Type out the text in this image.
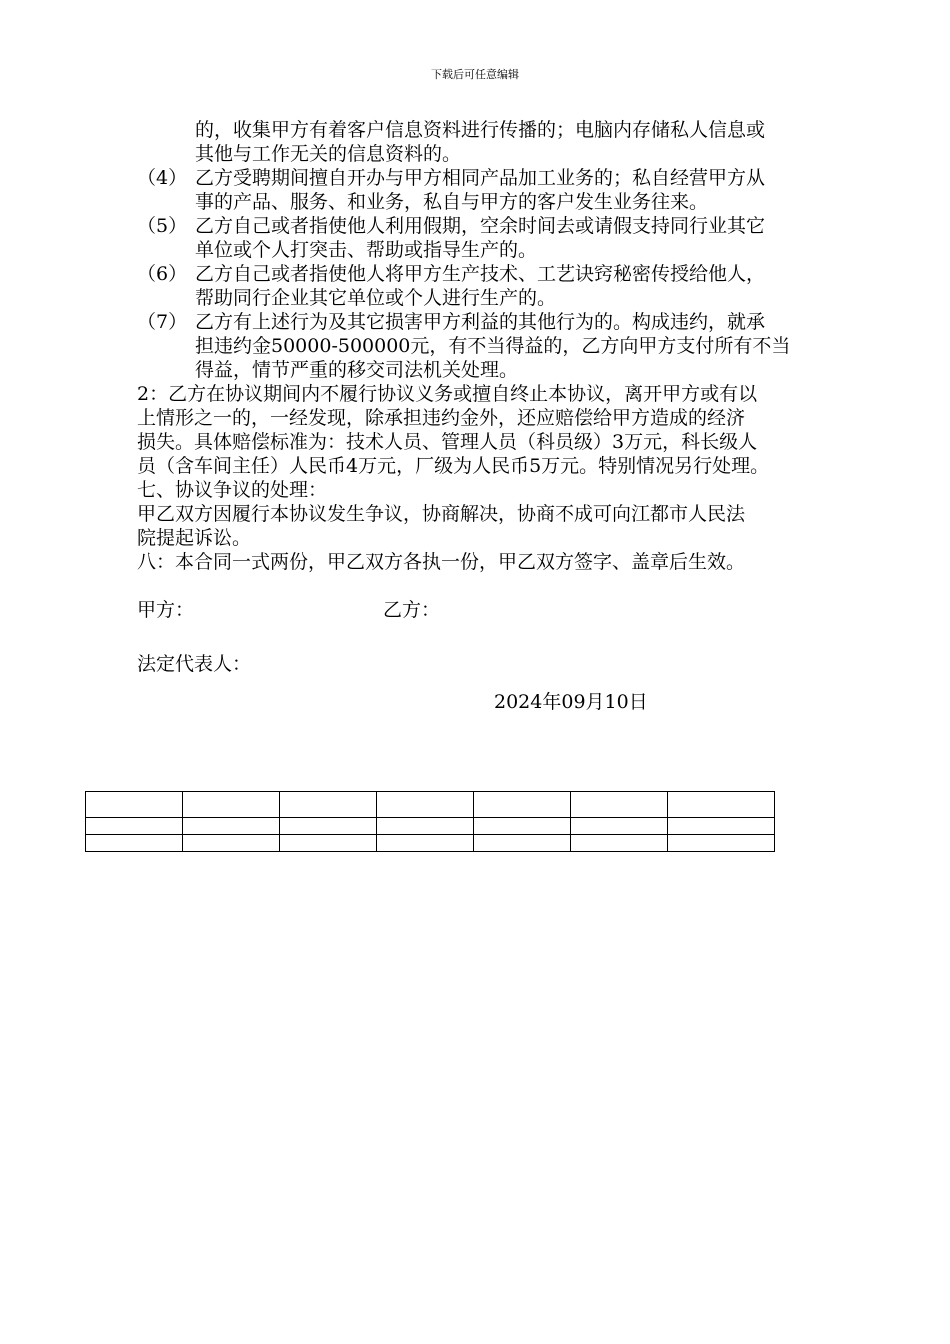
下载后可任意编辑

的，收集甲方有着客户信息资料进行传播的；电脑内存储私人信息或

其他与工作无关的信息资料的。

（4） 乙方受聘期间擅自开办与甲方相同产品加工业务的；私自经营甲方从

事的产品、服务、和业务，私自与甲方的客户发生业务往来。

（5） 乙方自己或者指使他人利用假期，空余时间去或请假支持同行业其它

单位或个人打突击、帮助或指导生产的。

（6） 乙方自己或者指使他人将甲方生产技术、工艺诀窍秘密传授给他人，

帮助同行企业其它单位或个人进行生产的。

（7） 乙方有上述行为及其它损害甲方利益的其他行为的。构成违约，就承

担违约金50000-500000元，有不当得益的，乙方向甲方支付所有不当

得益，情节严重的移交司法机关处理。

2：乙方在协议期间内不履行协议义务或擅自终止本协议，离开甲方或有以

上情形之一的，一经发现，除承担违约金外，还应赔偿给甲方造成的经济

损失。具体赔偿标准为：技术人员、管理人员（科员级）3万元，科长级人

员（含车间主任）人民币4万元，厂级为人民币5万元。特别情况另行处理。

七、协议争议的处理：

甲乙双方因履行本协议发生争议，协商解决，协商不成可向江都市人民法

院提起诉讼。

八：本合同一式两份，甲乙双方各执一份，甲乙双方签字、盖章后生效。

甲方：	乙方：

法定代表人：

2024年09月10日
